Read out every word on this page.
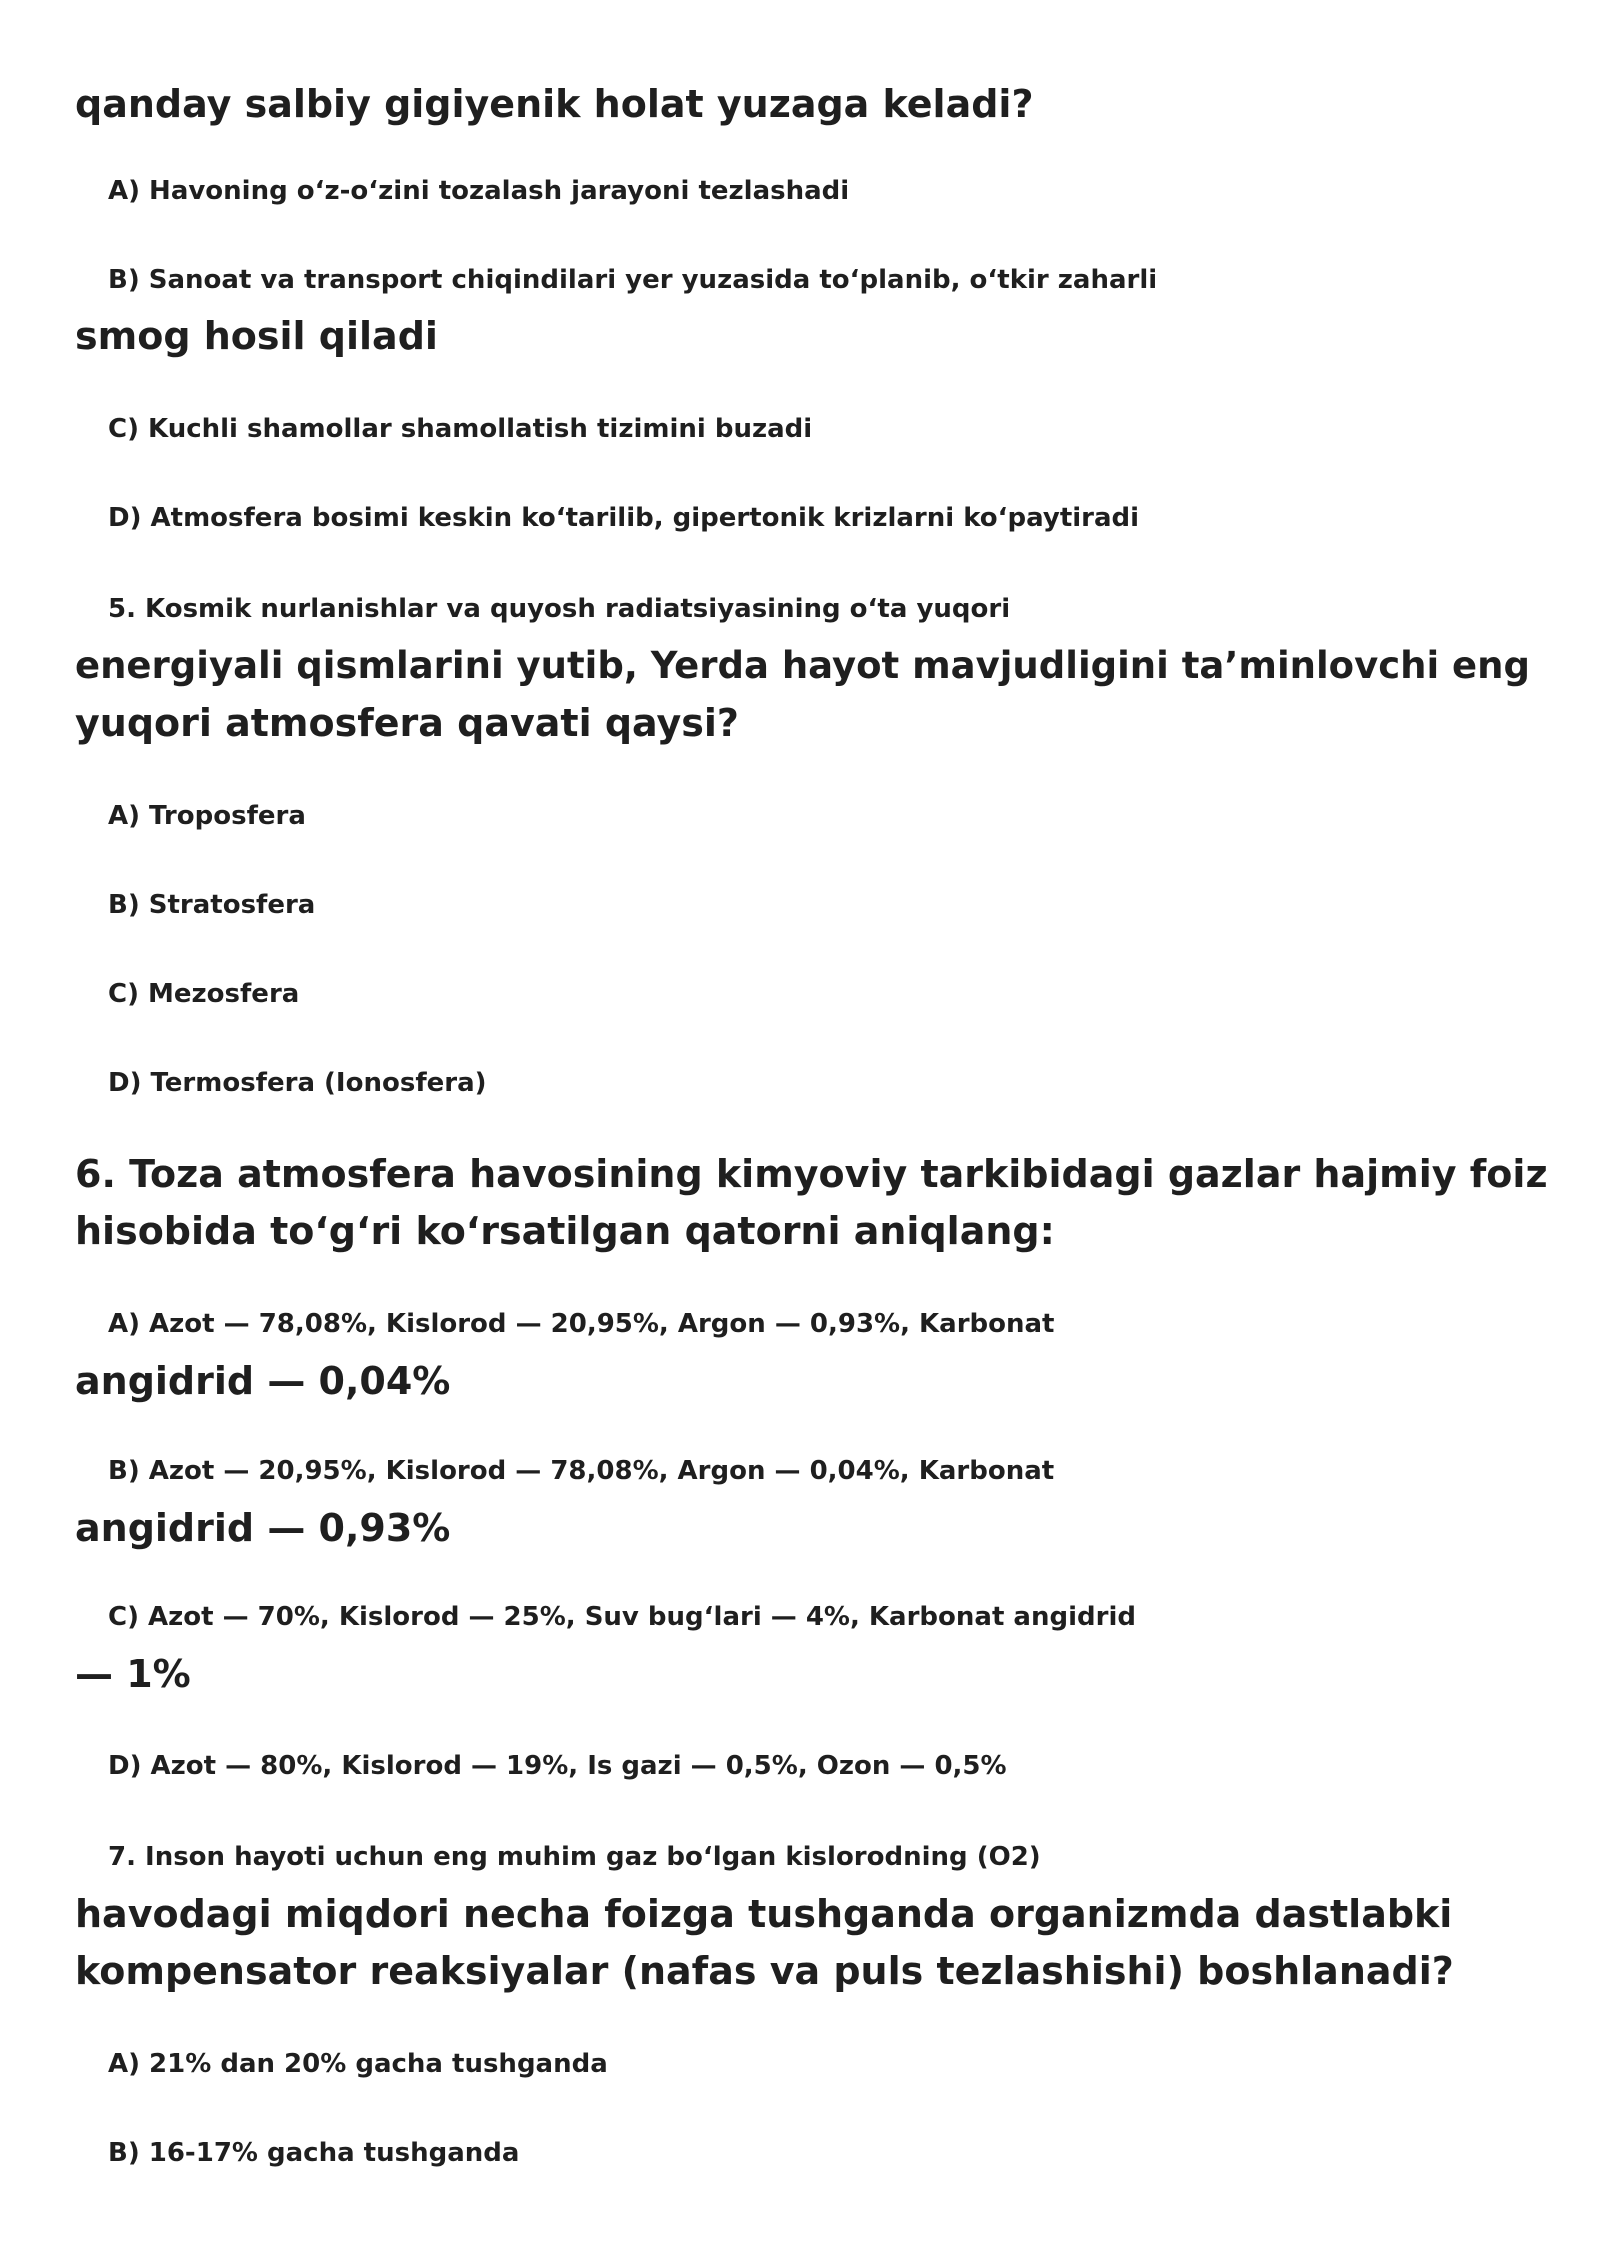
qanday salbiy gigiyenik holat yuzaga keladi?

A) Havoning o‘z-o‘zini tozalash jarayoni tezlashadi

B) Sanoat va transport chiqindilari yer yuzasida to‘planib, o‘tkir zaharli

smog hosil qiladi

C) Kuchli shamollar shamollatish tizimini buzadi

D) Atmosfera bosimi keskin ko‘tarilib, gipertonik krizlarni ko‘paytiradi

5. Kosmik nurlanishlar va quyosh radiatsiyasining o‘ta yuqori

energiyali qismlarini yutib, Yerda hayot mavjudligini ta’minlovchi eng

yuqori atmosfera qavati qaysi?

A) Troposfera

B) Stratosfera

C) Mezosfera

D) Termosfera (Ionosfera)

6. Toza atmosfera havosining kimyoviy tarkibidagi gazlar hajmiy foiz

hisobida to‘g‘ri ko‘rsatilgan qatorni aniqlang:

A) Azot — 78,08%, Kislorod — 20,95%, Argon — 0,93%, Karbonat

angidrid — 0,04%

B) Azot — 20,95%, Kislorod — 78,08%, Argon — 0,04%, Karbonat

angidrid — 0,93%

C) Azot — 70%, Kislorod — 25%, Suv bug‘lari — 4%, Karbonat angidrid

— 1%

D) Azot — 80%, Kislorod — 19%, Is gazi — 0,5%, Ozon — 0,5%

7. Inson hayoti uchun eng muhim gaz bo‘lgan kislorodning (O2)

havodagi miqdori necha foizga tushganda organizmda dastlabki

kompensator reaksiyalar (nafas va puls tezlashishi) boshlanadi?

A) 21% dan 20% gacha tushganda

B) 16-17% gacha tushganda
